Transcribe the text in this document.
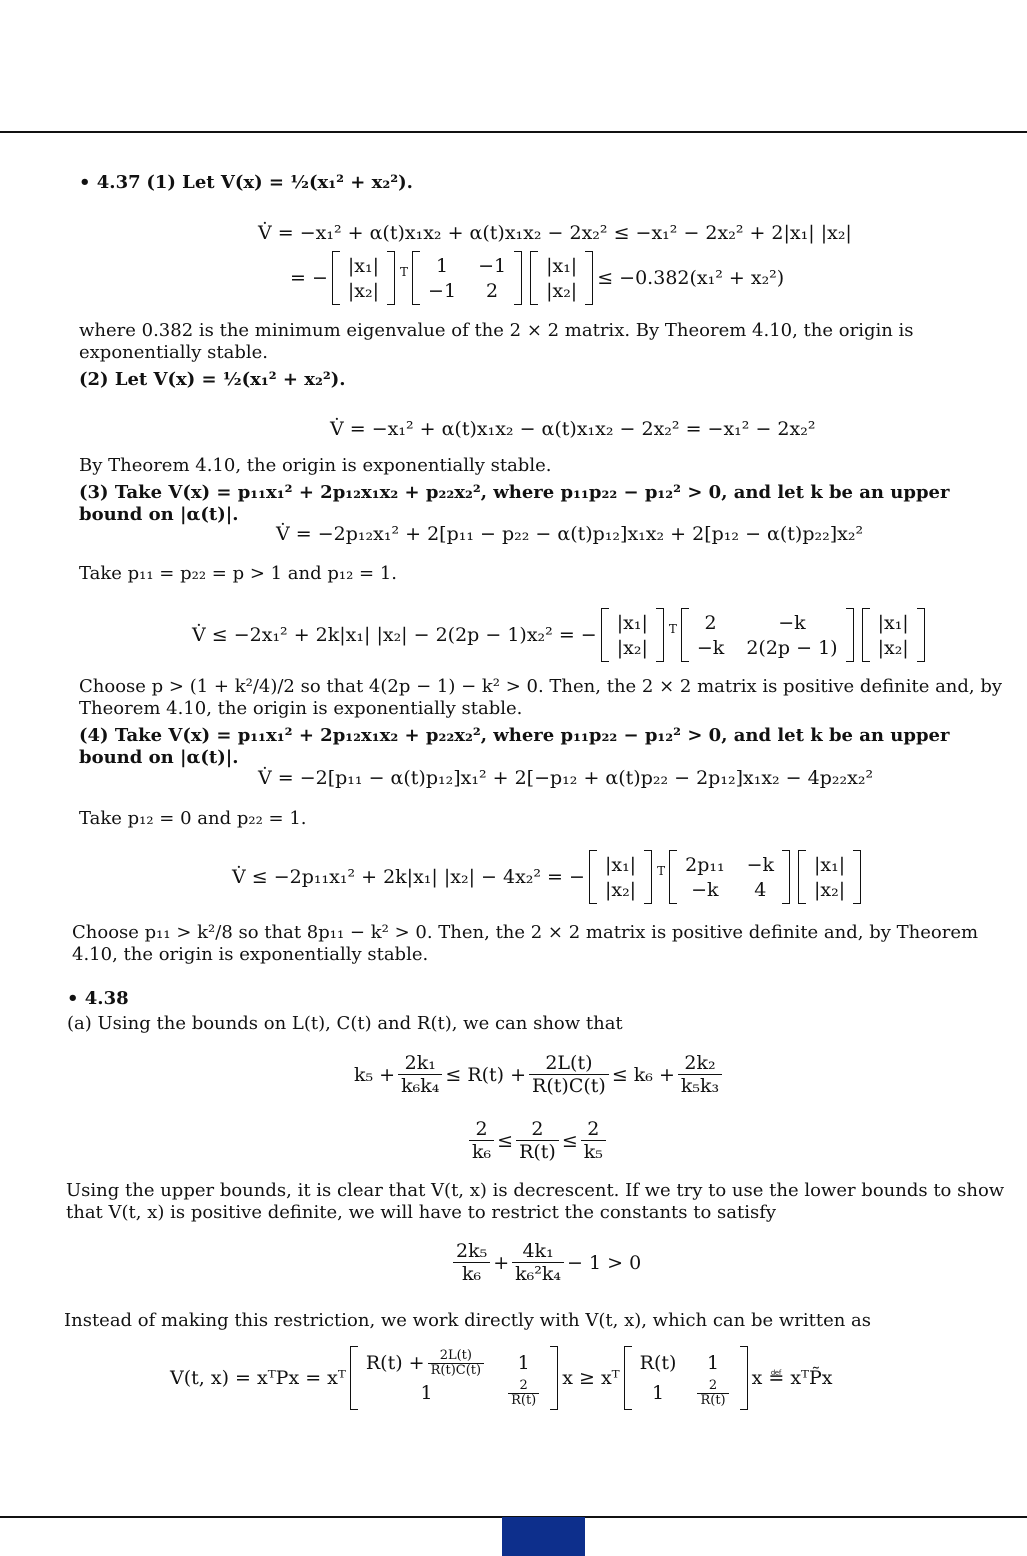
• 4.37 (1) Let V(x) = ½(x₁² + x₂²).
V̇ = −x₁² + α(t)x₁x₂ + α(t)x₁x₂ − 2x₂² ≤ −x₁² − 2x₂² + 2|x₁| |x₂|
= −
|x₁|
|x₂|
T 1 −1
−1 2
|x₁|
|x₂|
≤ −0.382(x₁² + x₂²)
where 0.382 is the minimum eigenvalue of the 2 × 2 matrix. By Theorem 4.10, the origin is exponentially stable.
(2) Let V(x) = ½(x₁² + x₂²).
V̇ = −x₁² + α(t)x₁x₂ − α(t)x₁x₂ − 2x₂² = −x₁² − 2x₂²
By Theorem 4.10, the origin is exponentially stable.
(3) Take V(x) = p₁₁x₁² + 2p₁₂x₁x₂ + p₂₂x₂², where p₁₁p₂₂ − p₁₂² > 0, and let k be an upper bound on |α(t)|.
V̇ = −2p₁₂x₁² + 2[p₁₁ − p₂₂ − α(t)p₁₂]x₁x₂ + 2[p₁₂ − α(t)p₂₂]x₂²
Take p₁₁ = p₂₂ = p > 1 and p₁₂ = 1.
V̇ ≤ −2x₁² + 2k|x₁| |x₂| − 2(2p − 1)x₂² = −
|x₁|
|x₂|
T 2	−k
−k 2(2p − 1)
|x₁|
|x₂|
Choose p > (1 + k²/4)/2 so that 4(2p − 1) − k² > 0. Then, the 2 × 2 matrix is positive definite and, by Theorem 4.10, the origin is exponentially stable.
(4) Take V(x) = p₁₁x₁² + 2p₁₂x₁x₂ + p₂₂x₂², where p₁₁p₂₂ − p₁₂² > 0, and let k be an upper bound on |α(t)|.
V̇ = −2[p₁₁ − α(t)p₁₂]x₁² + 2[−p₁₂ + α(t)p₂₂ − 2p₁₂]x₁x₂ − 4p₂₂x₂²
Take p₁₂ = 0 and p₂₂ = 1.
V̇ ≤ −2p₁₁x₁² + 2k|x₁| |x₂| − 4x₂² = −
|x₁|
|x₂|
T 2p₁₁ −k
−k 4
|x₁|
|x₂|
Choose p₁₁ > k²/8 so that 8p₁₁ − k² > 0. Then, the 2 × 2 matrix is positive definite and, by Theorem 4.10, the origin is exponentially stable.
• 4.38
(a) Using the bounds on L(t), C(t) and R(t), we can show that
$k_5 + \frac{\text{2k₁}}{\text{k₆k₄}} \le R(t) + \frac{2L(t)}{R(t)C(t)} \le k_6 + \frac{\text{2k₂}}{\text{k₅k₃}}$
$\frac{2}{\text{k₆}} \le \frac{2}{R(t)} \le \frac{2}{\text{k₅}}$
Using the upper bounds, it is clear that V(t, x) is decrescent. If we try to use the lower bounds to show that V(t, x) is positive definite, we will have to restrict the constants to satisfy
$\frac{\text{2k₅}}{\text{k₆}} + \frac{\text{4k₁}}{\text{k₆²k₄}} - 1 > 0$
Instead of making this restriction, we work directly with V(t, x), which can be written as
V(t, x) = xᵀPx = xᵀ
$R(t) + \frac{2L(t)}{R(t)C(t)} 1$
1	$\frac{2}{R(t)}$
x ≥ xᵀ
R(t) 1
1	$\frac{2}{R(t)}$
x ≝ xᵀP̃x
